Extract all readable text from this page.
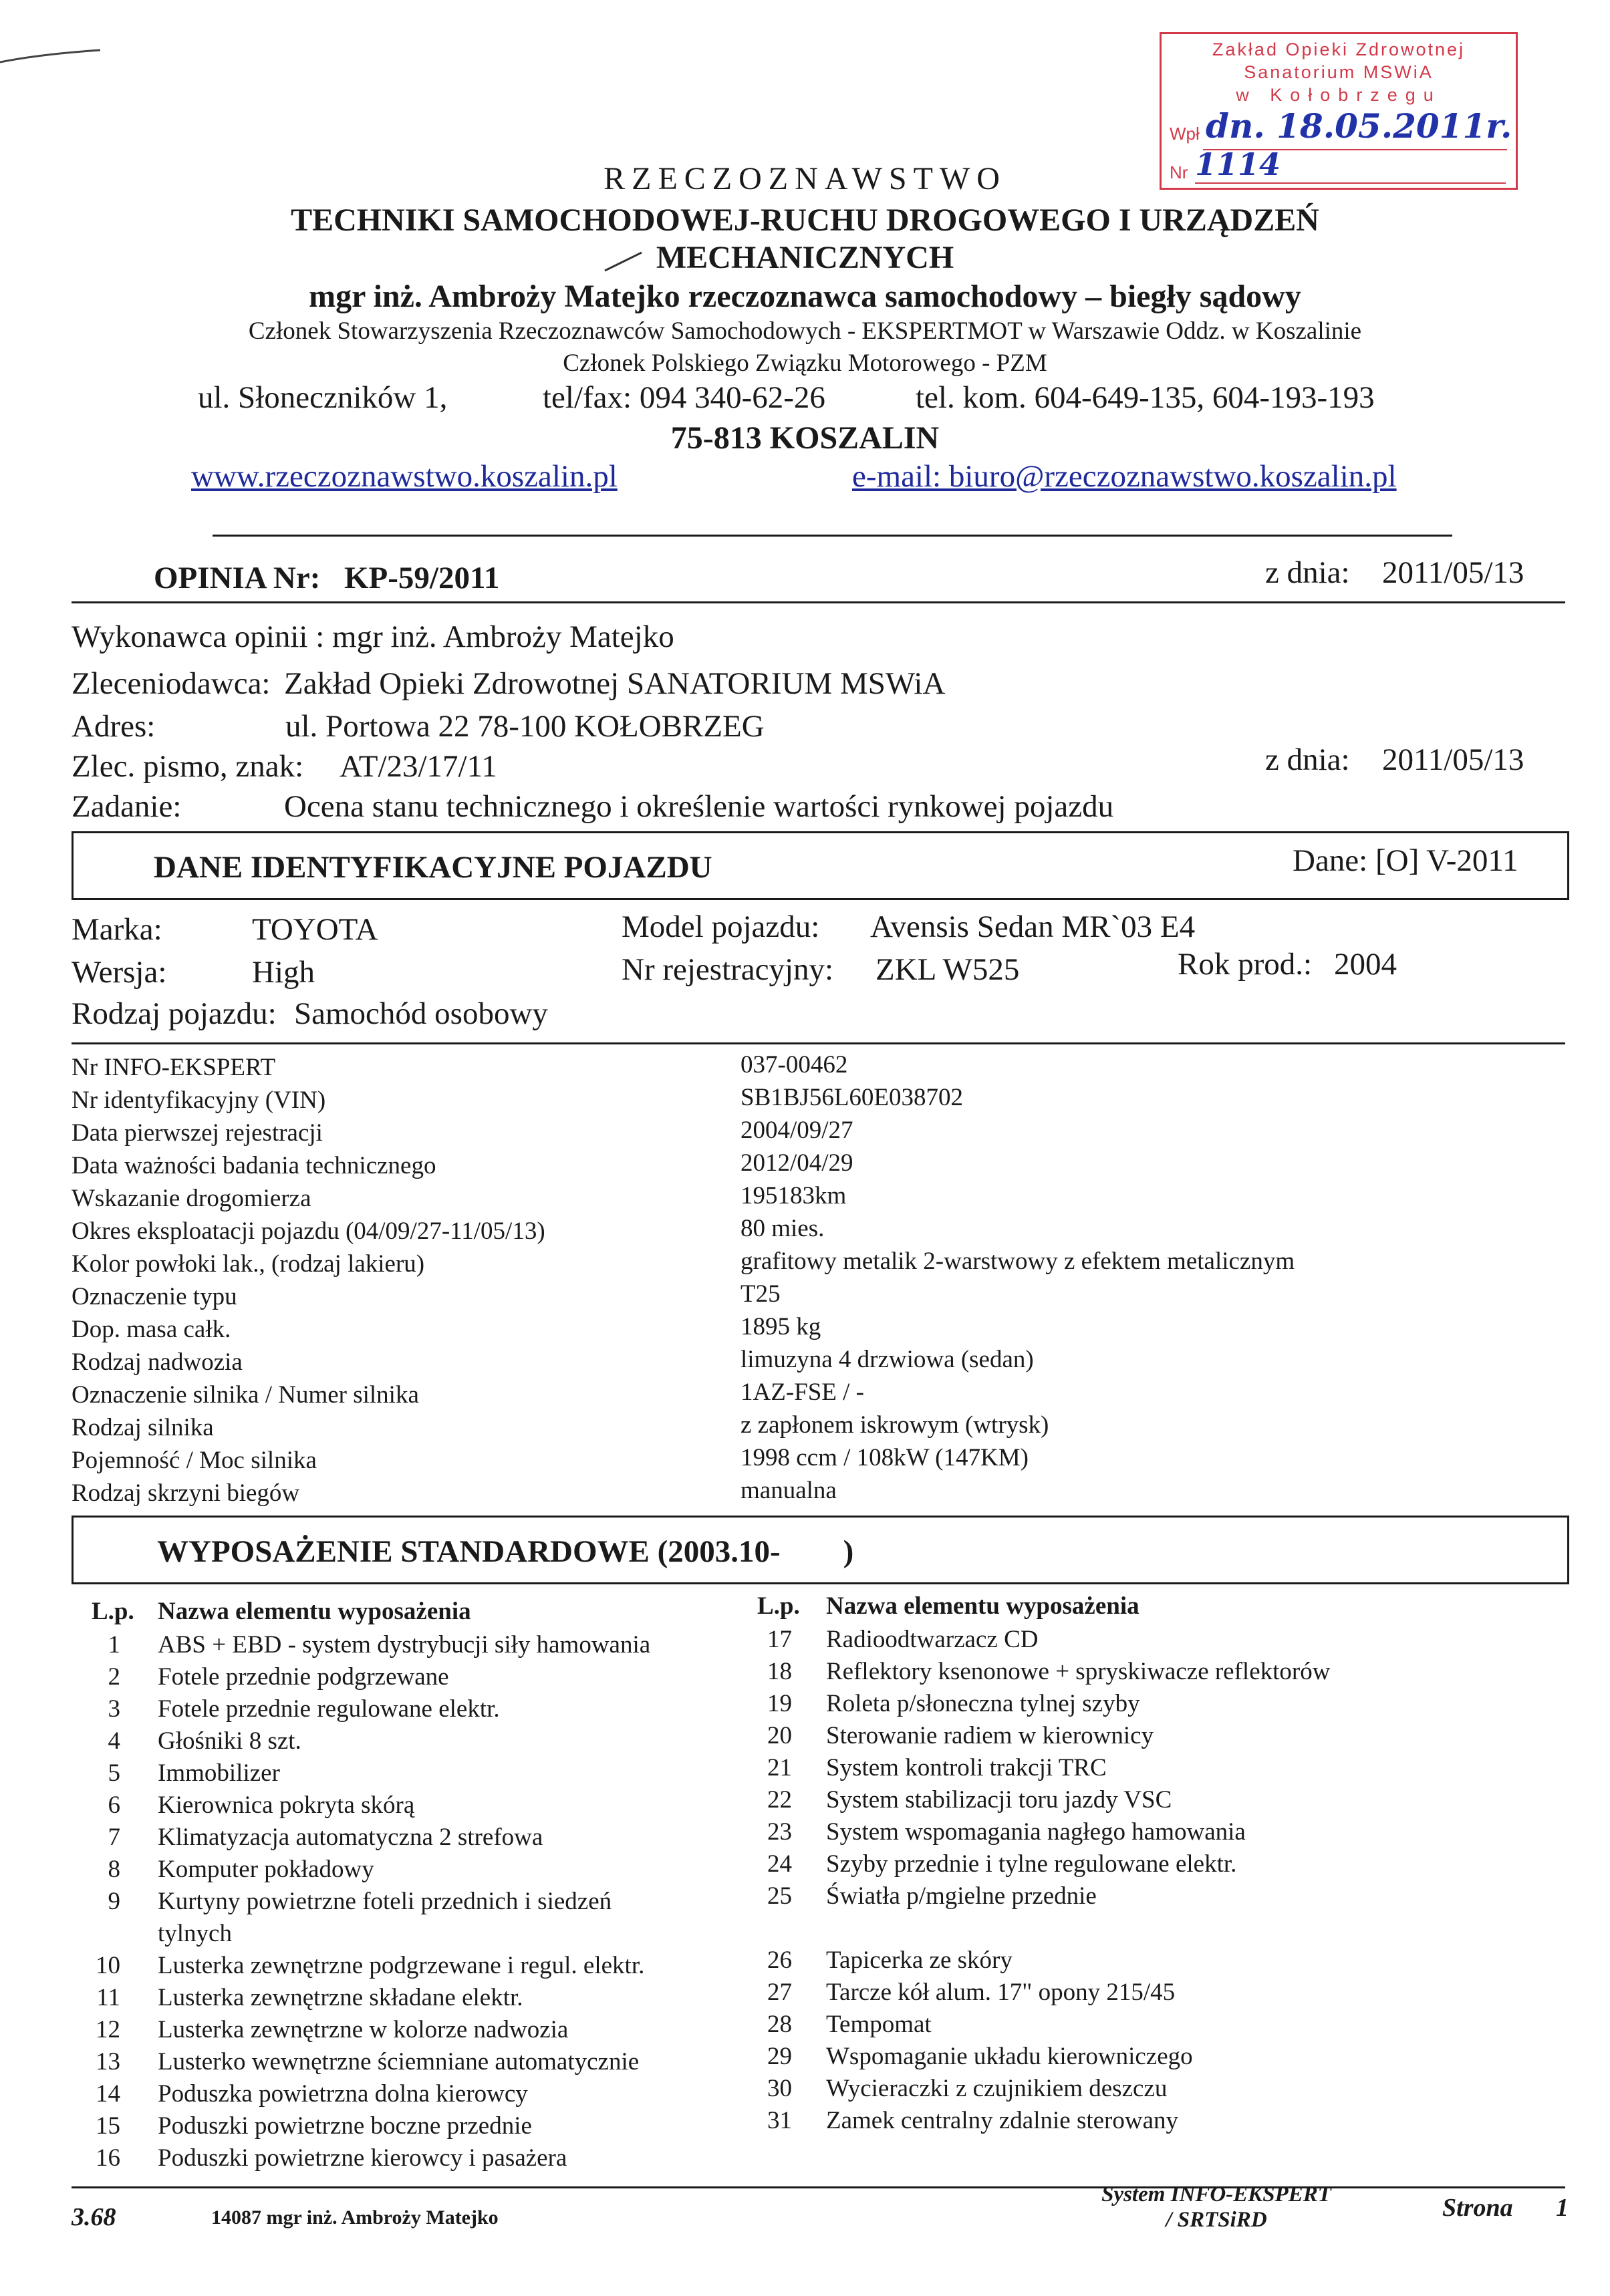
Zakład Opieki Zdrowotnej
Sanatorium MSWiA
w Kołobrzegu
Wpł dn. 18.05.2011r.
Nr 1114
RZECZOZNAWSTWO
TECHNIKI SAMOCHODOWEJ-RUCHU DROGOWEGO I URZĄDZEŃ
MECHANICZNYCH
mgr inż. Ambroży Matejko rzeczoznawca samochodowy – biegły sądowy
Członek Stowarzyszenia Rzeczoznawców Samochodowych - EKSPERTMOT w Warszawie Oddz. w Koszalinie
Członek Polskiego Związku Motorowego - PZM
ul. Słoneczników 1,	tel/fax: 094 340-62-26	tel. kom. 604-649-135, 604-193-193
75-813 KOSZALIN
www.rzeczoznawstwo.koszalin.pl	e-mail: biuro@rzeczoznawstwo.koszalin.pl
OPINIA Nr: KP-59/2011	z dnia: 2011/05/13
Wykonawca opinii : mgr inż. Ambroży Matejko
Zleceniodawca: Zakład Opieki Zdrowotnej SANATORIUM MSWiA
Adres:	ul. Portowa 22 78-100 KOŁOBRZEG
Zlec. pismo, znak: AT/23/17/11	z dnia: 2011/05/13
Zadanie:	Ocena stanu technicznego i określenie wartości rynkowej pojazdu
DANE IDENTYFIKACYJNE POJAZDU	Dane: [O] V-2011
Marka:	TOYOTA	Model pojazdu: Avensis Sedan MR`03 E4
Wersja:	High	Nr rejestracyjny: ZKL W525	Rok prod.: 2004
Rodzaj pojazdu: Samochód osobowy
Nr INFO-EKSPERT	037-00462
Nr identyfikacyjny (VIN)	SB1BJ56L60E038702
Data pierwszej rejestracji	2004/09/27
Data ważności badania technicznego	2012/04/29
Wskazanie drogomierza	195183km
Okres eksploatacji pojazdu (04/09/27-11/05/13)	80 mies.
Kolor powłoki lak., (rodzaj lakieru)	grafitowy metalik 2-warstwowy z efektem metalicznym
Oznaczenie typu	T25
Dop. masa całk.	1895 kg
Rodzaj nadwozia	limuzyna 4 drzwiowa (sedan)
Oznaczenie silnika / Numer silnika	1AZ-FSE / -
Rodzaj silnika	z zapłonem iskrowym (wtrysk)
Pojemność / Moc silnika	1998 ccm / 108kW (147KM)
Rodzaj skrzyni biegów	manualna
WYPOSAŻENIE STANDARDOWE (2003.10-        )
L.p. Nazwa elementu wyposażenia	L.p. Nazwa elementu wyposażenia
1 ABS + EBD - system dystrybucji siły hamowania
2 Fotele przednie podgrzewane
3 Fotele przednie regulowane elektr.
4 Głośniki 8 szt.
5 Immobilizer
6 Kierownica pokryta skórą
7 Klimatyzacja automatyczna 2 strefowa
8 Komputer pokładowy
9 Kurtyny powietrzne foteli przednich i siedzeń
tylnych
10 Lusterka zewnętrzne podgrzewane i regul. elektr.
11 Lusterka zewnętrzne składane elektr.
12 Lusterka zewnętrzne w kolorze nadwozia
13 Lusterko wewnętrzne ściemniane automatycznie
14 Poduszka powietrzna dolna kierowcy
15 Poduszki powietrzne boczne przednie
16 Poduszki powietrzne kierowcy i pasażera
17 Radioodtwarzacz CD
18 Reflektory ksenonowe + spryskiwacze reflektorów
19 Roleta p/słoneczna tylnej szyby
20 Sterowanie radiem w kierownicy
21 System kontroli trakcji TRC
22 System stabilizacji toru jazdy VSC
23 System wspomagania nagłego hamowania
24 Szyby przednie i tylne regulowane elektr.
25 Światła p/mgielne przednie
26 Tapicerka ze skóry
27 Tarcze kół alum. 17" opony 215/45
28 Tempomat
29 Wspomaganie układu kierowniczego
30 Wycieraczki z czujnikiem deszczu
31 Zamek centralny zdalnie sterowany
3.68	14087 mgr inż. Ambroży Matejko
System INFO-EKSPERT
/ SRTSiRD	Strona 1
